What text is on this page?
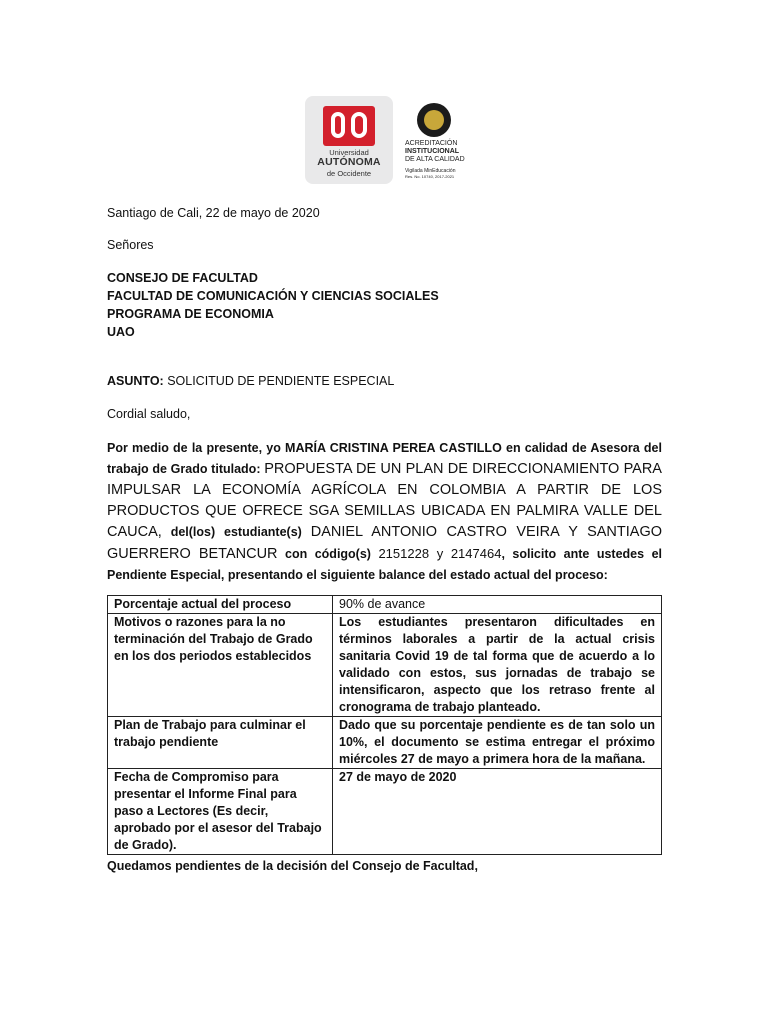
Universidad
AUTÓNOMA
de Occidente
ACREDITACIÓN
INSTITUCIONAL
DE ALTA CALIDAD
Vigilada MinEducación
Res. No. 10740, 2017-2021
Santiago de Cali, 22 de mayo de 2020
Señores
CONSEJO DE FACULTAD
FACULTAD DE COMUNICACIÓN Y CIENCIAS SOCIALES
PROGRAMA DE ECONOMIA
UAO
ASUNTO: SOLICITUD DE PENDIENTE ESPECIAL
Cordial saludo,
Por medio de la presente, yo MARÍA CRISTINA PEREA CASTILLO en calidad de Asesora del trabajo de Grado titulado: PROPUESTA DE UN PLAN DE DIRECCIONAMIENTO PARA IMPULSAR LA ECONOMÍA AGRÍCOLA EN COLOMBIA A PARTIR DE LOS PRODUCTOS QUE OFRECE SGA SEMILLAS UBICADA EN PALMIRA VALLE DEL CAUCA, del(los) estudiante(s) DANIEL ANTONIO CASTRO VEIRA Y SANTIAGO GUERRERO BETANCUR con código(s) 2151228 y 2147464, solicito ante ustedes el Pendiente Especial, presentando el siguiente balance del estado actual del proceso:
Porcentaje actual del proceso	90% de avance
Motivos o razones para la no terminación del Trabajo de Grado en los dos periodos establecidos	Los estudiantes presentaron dificultades en términos laborales a partir de la actual crisis sanitaria Covid 19 de tal forma que de acuerdo a lo validado con estos, sus jornadas de trabajo se intensificaron, aspecto que los retraso frente al cronograma de trabajo planteado.
Plan de Trabajo para culminar el trabajo pendiente	Dado que su porcentaje pendiente es de tan solo un 10%, el documento se estima entregar el próximo miércoles 27 de mayo a primera hora de la mañana.
Fecha de Compromiso para presentar el Informe Final para paso a Lectores (Es decir, aprobado por el asesor del Trabajo de Grado).	27 de mayo de 2020
Quedamos pendientes de la decisión del Consejo de Facultad,
